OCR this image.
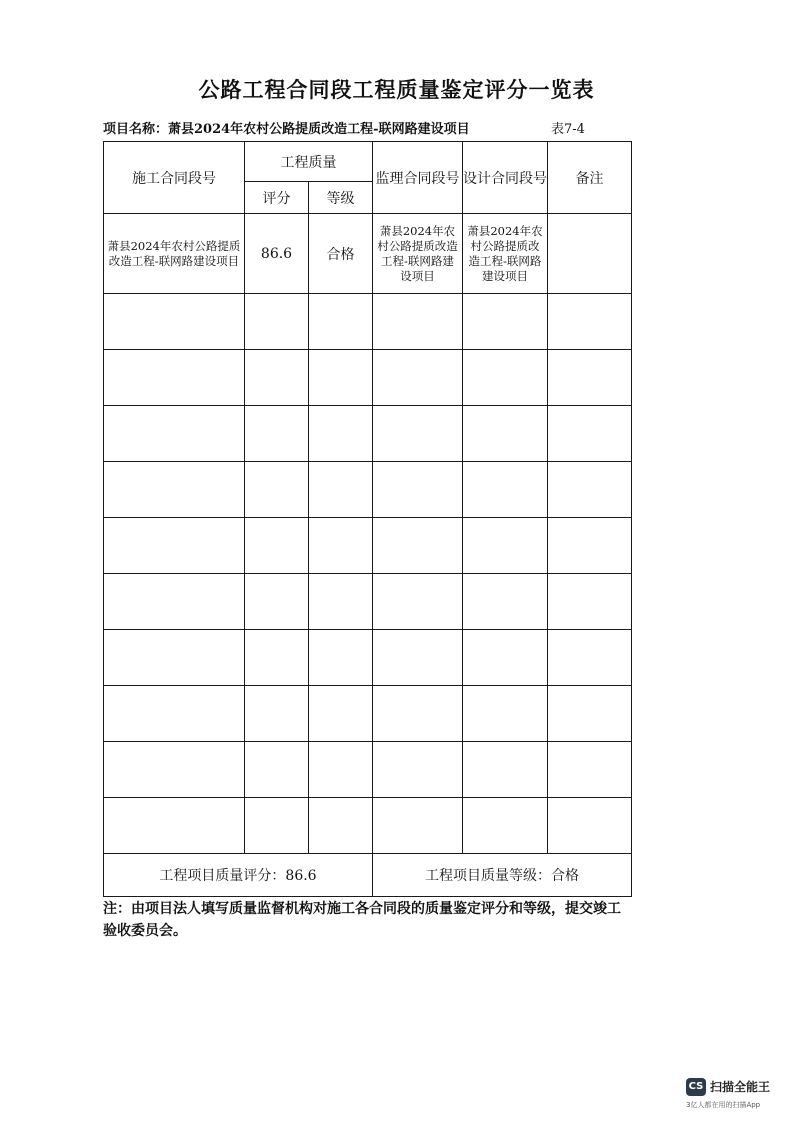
公路工程合同段工程质量鉴定评分一览表
项目名称：萧县2024年农村公路提质改造工程-联网路建设项目	表7-4
施工合同段号	工程质量		监理合同段号	设计合同段号	备注
	评分	等级			
萧县2024年农村公路提质改造工程-联网路建设项目	86.6	合格	萧县2024年农村公路提质改造工程-联网路建设项目	萧县2024年农村公路提质改造工程-联网路建设项目	

工程项目质量评分：86.6			工程项目质量等级：合格		
注：由项目法人填写质量监督机构对施工各合同段的质量鉴定评分和等级，提交竣工验收委员会。
CS 扫描全能王
3亿人都在用的扫描App
